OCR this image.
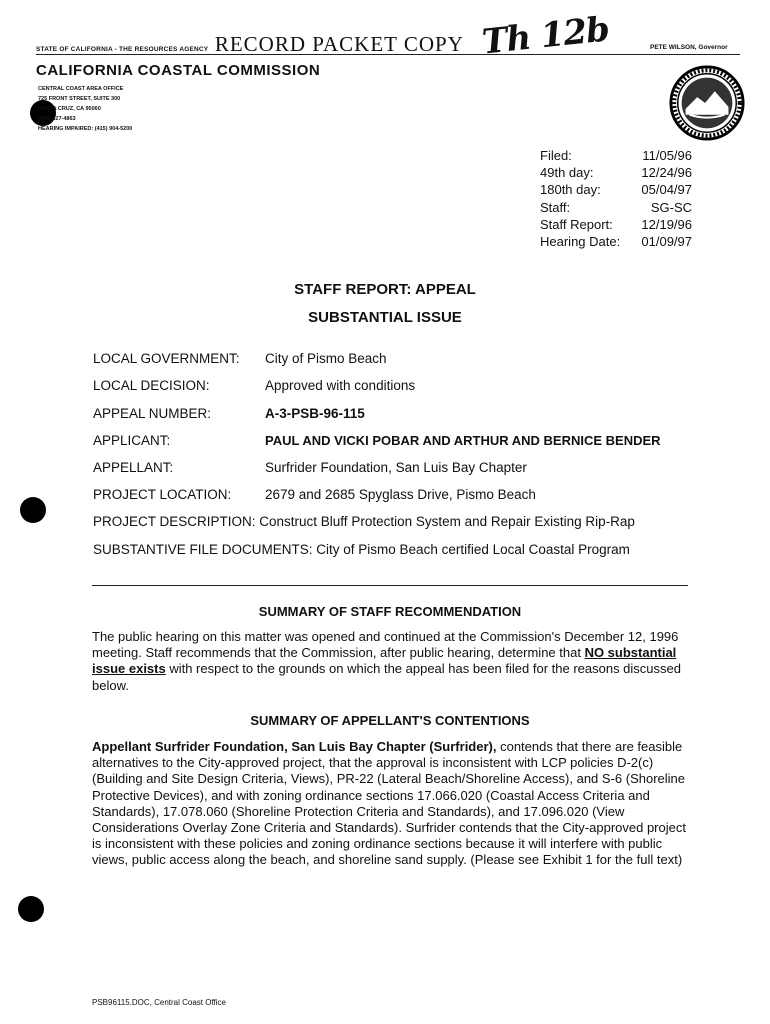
STATE OF CALIFORNIA - THE RESOURCES AGENCY RECORD PACKET COPY Th 12b	PETE WILSON, Governor
CALIFORNIA COASTAL COMMISSION
CENTRAL COAST AREA OFFICE
725 FRONT STREET, SUITE 300
SANTA CRUZ, CA 95060
(408) 427-4863
HEARING IMPAIRED: (415) 904-5200
Filed:	11/05/96
49th day:	12/24/96
180th day:	05/04/97
Staff:	SG-SC
Staff Report:	12/19/96
Hearing Date:	01/09/97
STAFF REPORT: APPEAL
SUBSTANTIAL ISSUE
LOCAL GOVERNMENT: City of Pismo Beach
LOCAL DECISION:	Approved with conditions
APPEAL NUMBER:	A-3-PSB-96-115
APPLICANT:	PAUL AND VICKI POBAR AND ARTHUR AND BERNICE BENDER
APPELLANT:	Surfrider Foundation, San Luis Bay Chapter
PROJECT LOCATION: 2679 and 2685 Spyglass Drive, Pismo Beach
PROJECT DESCRIPTION: Construct Bluff Protection System and Repair Existing Rip-Rap
SUBSTANTIVE FILE DOCUMENTS: City of Pismo Beach certified Local Coastal Program
SUMMARY OF STAFF RECOMMENDATION
The public hearing on this matter was opened and continued at the Commission's December 12, 1996 meeting. Staff recommends that the Commission, after public hearing, determine that NO substantial issue exists with respect to the grounds on which the appeal has been filed for the reasons discussed below.
SUMMARY OF APPELLANT'S CONTENTIONS
Appellant Surfrider Foundation, San Luis Bay Chapter (Surfrider), contends that there are feasible alternatives to the City-approved project, that the approval is inconsistent with LCP policies D-2(c) (Building and Site Design Criteria, Views), PR-22 (Lateral Beach/Shoreline Access), and S-6 (Shoreline Protective Devices), and with zoning ordinance sections 17.066.020 (Coastal Access Criteria and Standards), 17.078.060 (Shoreline Protection Criteria and Standards), and 17.096.020 (View Considerations Overlay Zone Criteria and Standards). Surfrider contends that the City-approved project is inconsistent with these policies and zoning ordinance sections because it will interfere with public views, public access along the beach, and shoreline sand supply. (Please see Exhibit 1 for the full text)
PSB96115.DOC, Central Coast Office
